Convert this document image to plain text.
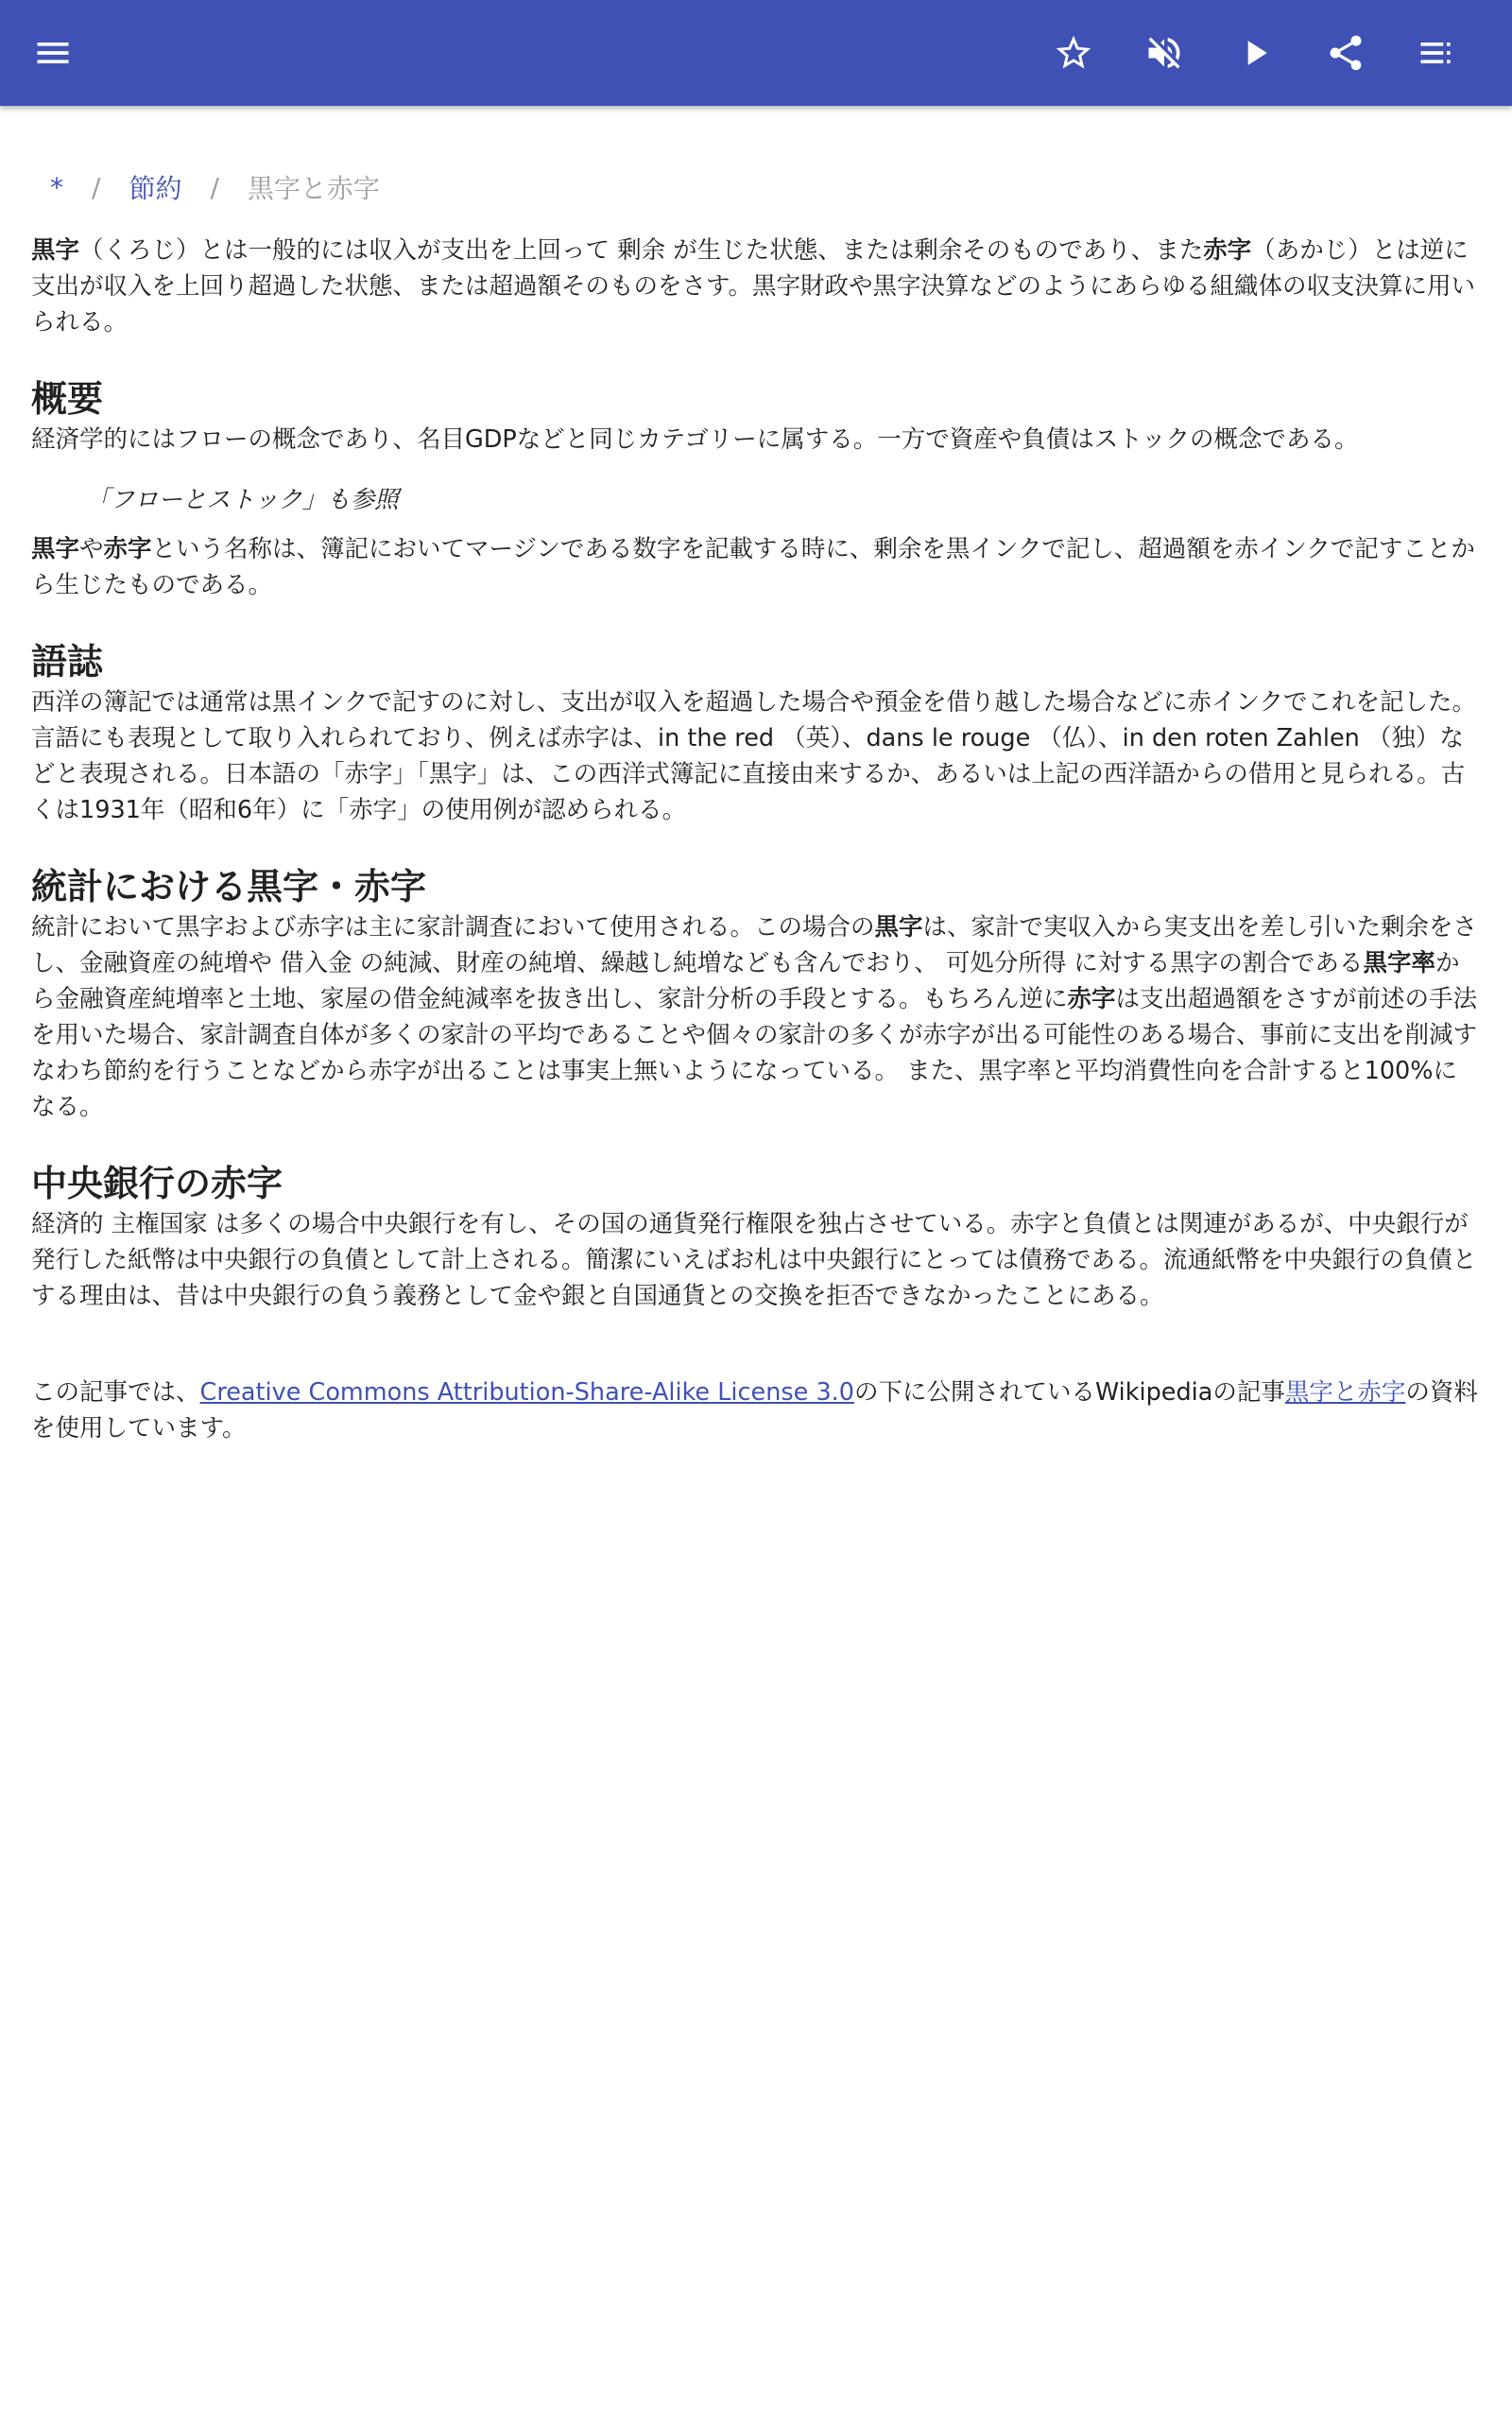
* / 節約 / 黒字と赤字

黒字（くろじ）とは一般的には収入が支出を上回って 剰余 が生じた状態、または剰余そのものであり、また赤字（あかじ）とは逆に支出が収入を上回り超過した状態、または超過額そのものをさす。黒字財政や黒字決算などのようにあらゆる組織体の収支決算に用いられる。

概要

経済学的にはフローの概念であり、名目GDPなどと同じカテゴリーに属する。一方で資産や負債はストックの概念である。

「フローとストック」も参照

黒字や赤字という名称は、簿記においてマージンである数字を記載する時に、剰余を黒インクで記し、超過額を赤インクで記すことから生じたものである。

語誌

西洋の簿記では通常は黒インクで記すのに対し、支出が収入を超過した場合や預金を借り越した場合などに赤インクでこれを記した。言語にも表現として取り入れられており、例えば赤字は、in the red （英）、dans le rouge （仏）、in den roten Zahlen （独）などと表現される。日本語の「赤字」「黒字」は、この西洋式簿記に直接由来するか、あるいは上記の西洋語からの借用と見られる。古くは1931年（昭和6年）に「赤字」の使用例が認められる。

統計における黒字・赤字

統計において黒字および赤字は主に家計調査において使用される。この場合の黒字は、家計で実収入から実支出を差し引いた剰余をさし、金融資産の純増や 借入金 の純減、財産の純増、繰越し純増なども含んでおり、 可処分所得 に対する黒字の割合である黒字率から金融資産純増率と土地、家屋の借金純減率を抜き出し、家計分析の手段とする。もちろん逆に赤字は支出超過額をさすが前述の手法を用いた場合、家計調査自体が多くの家計の平均であることや個々の家計の多くが赤字が出る可能性のある場合、事前に支出を削減すなわち節約を行うことなどから赤字が出ることは事実上無いようになっている。 また、黒字率と平均消費性向を合計すると100%になる。

中央銀行の赤字

経済的 主権国家 は多くの場合中央銀行を有し、その国の通貨発行権限を独占させている。赤字と負債とは関連があるが、中央銀行が発行した紙幣は中央銀行の負債として計上される。簡潔にいえばお札は中央銀行にとっては債務である。流通紙幣を中央銀行の負債とする理由は、昔は中央銀行の負う義務として金や銀と自国通貨との交換を拒否できなかったことにある。

この記事では、Creative Commons Attribution-Share-Alike License 3.0の下に公開されているWikipediaの記事黒字と赤字の資料を使用しています。
